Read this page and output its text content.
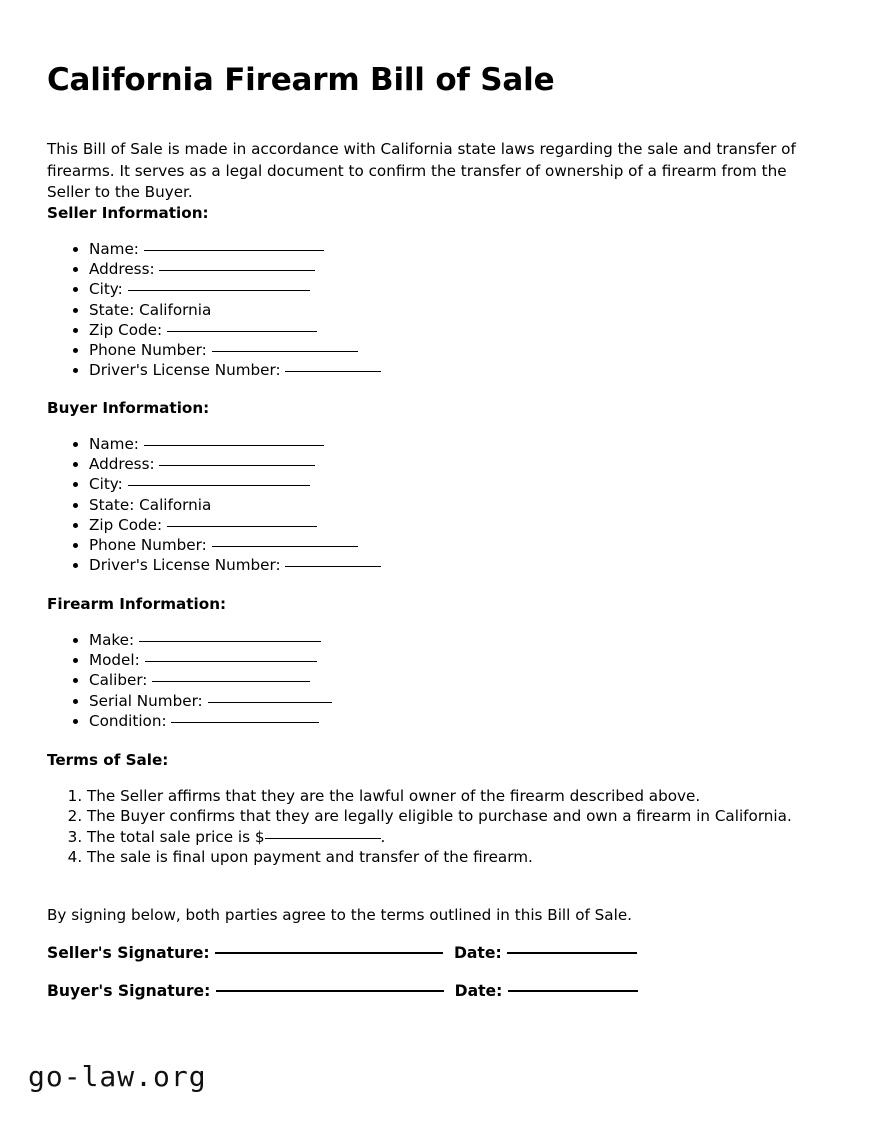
California Firearm Bill of Sale

This Bill of Sale is made in accordance with California state laws regarding the sale and transfer of firearms. It serves as a legal document to confirm the transfer of ownership of a firearm from the Seller to the Buyer.

Seller Information:
• Name:
• Address:
• City:
• State: California
• Zip Code:
• Phone Number:
• Driver's License Number:
Buyer Information:
• Name:
• Address:
• City:
• State: California
• Zip Code:
• Phone Number:
• Driver's License Number:
Firearm Information:
• Make:
• Model:
• Caliber:
• Serial Number:
• Condition:
Terms of Sale:
1. The Seller affirms that they are the lawful owner of the firearm described above.
2. The Buyer confirms that they are legally eligible to purchase and own a firearm in California.
3. The total sale price is $	.
4. The sale is final upon payment and transfer of the firearm.

By signing below, both parties agree to the terms outlined in this Bill of Sale.

Seller's Signature:	Date:
Buyer's Signature:	Date:
go-law.org
